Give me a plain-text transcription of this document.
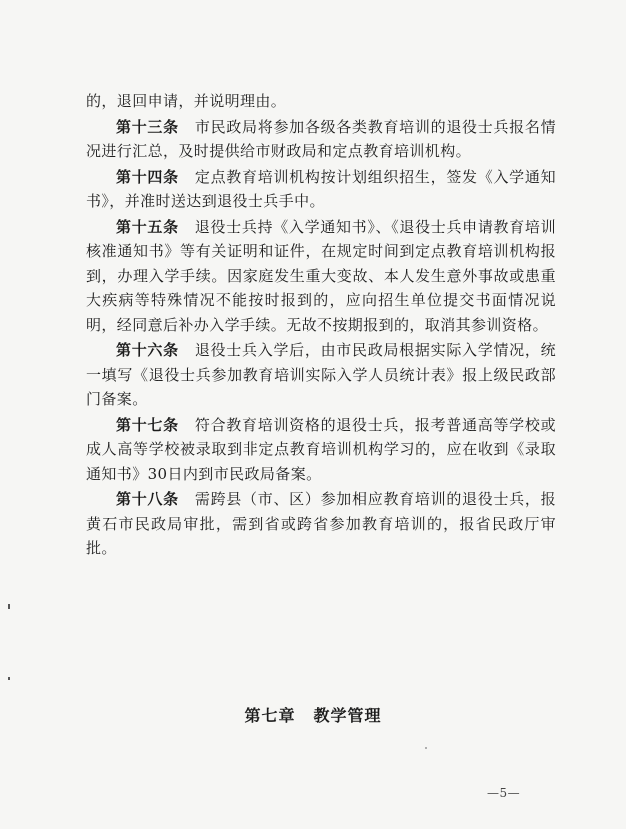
的，退回申请，并说明理由。

第十三条 市民政局将参加各级各类教育培训的退役士兵报名情况进行汇总，及时提供给市财政局和定点教育培训机构。

第十四条 定点教育培训机构按计划组织招生，签发《入学通知书》，并准时送达到退役士兵手中。

第十五条 退役士兵持《入学通知书》、《退役士兵申请教育培训核准通知书》等有关证明和证件，在规定时间到定点教育培训机构报到，办理入学手续。因家庭发生重大变故、本人发生意外事故或患重大疾病等特殊情况不能按时报到的，应向招生单位提交书面情况说明，经同意后补办入学手续。无故不按期报到的，取消其参训资格。

第十六条 退役士兵入学后，由市民政局根据实际入学情况，统一填写《退役士兵参加教育培训实际入学人员统计表》报上级民政部门备案。

第十七条 符合教育培训资格的退役士兵，报考普通高等学校或成人高等学校被录取到非定点教育培训机构学习的，应在收到《录取通知书》30日内到市民政局备案。

第十八条 需跨县（市、区）参加相应教育培训的退役士兵，报黄石市民政局审批，需到省或跨省参加教育培训的，报省民政厅审批。

第七章 教学管理
—5—
